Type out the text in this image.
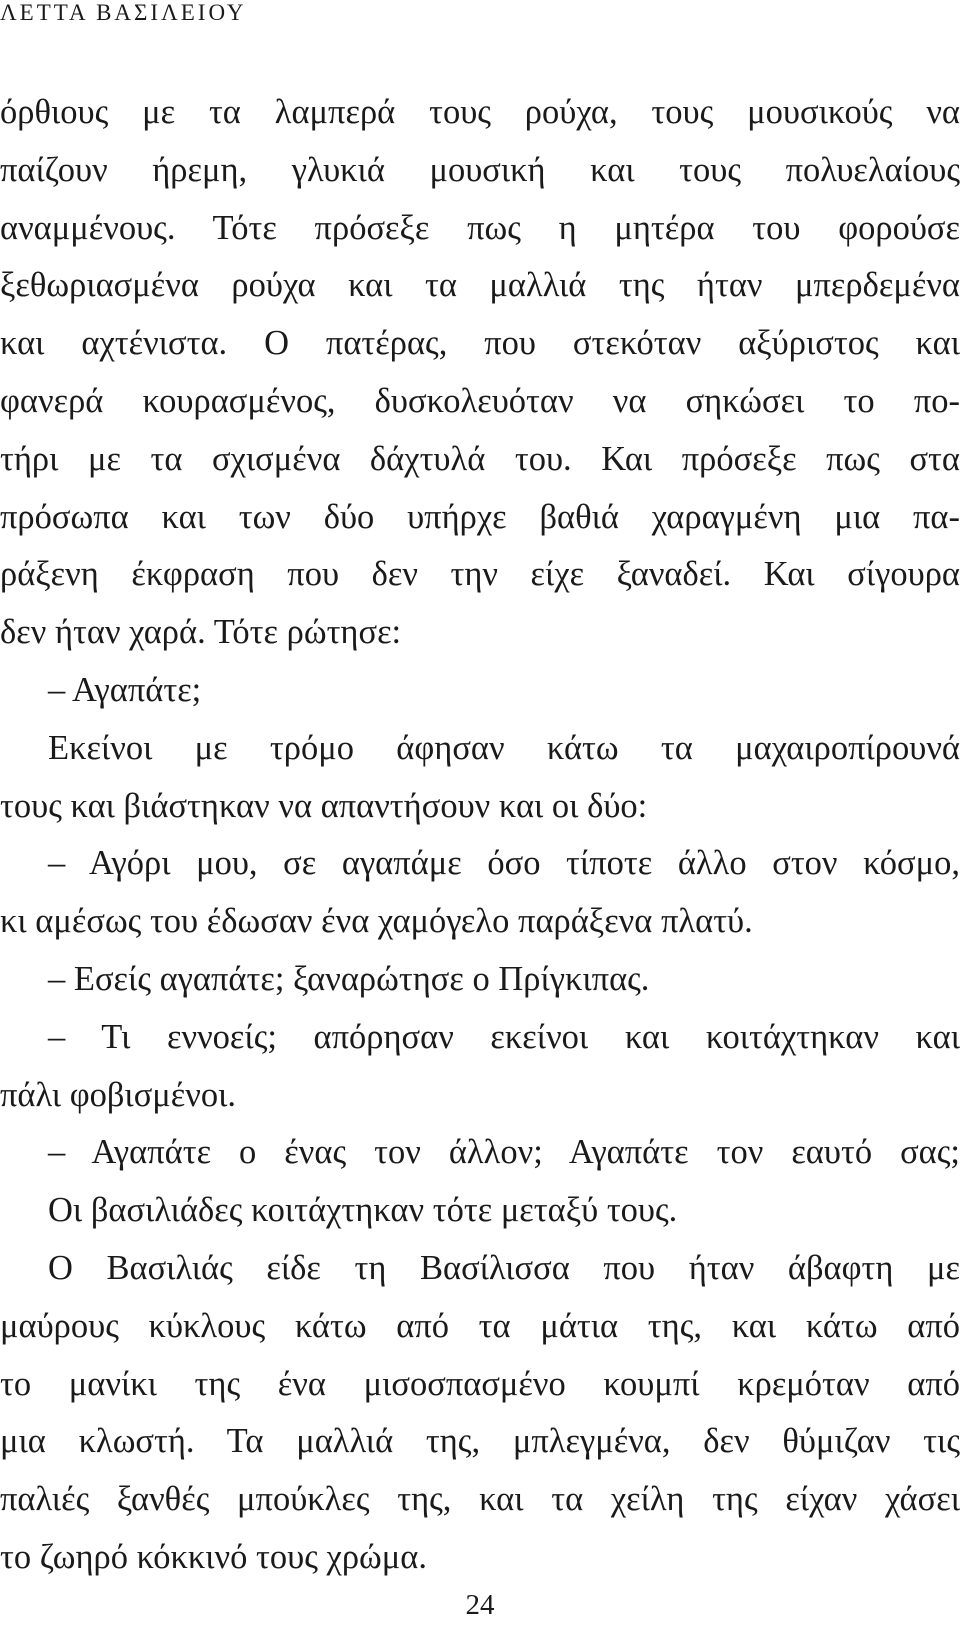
ΛΕΤΤΑ ΒΑΣΙΛΕΙΟΥ
όρθιους με τα λαμπερά τους ρούχα, τους μουσικούς να
παίζουν ήρεμη, γλυκιά μουσική και τους πολυελαίους
αναμμένους. Τότε πρόσεξε πως η μητέρα του φορούσε
ξεθωριασμένα ρούχα και τα μαλλιά της ήταν μπερδεμένα
και αχτένιστα. Ο πατέρας, που στεκόταν αξύριστος και
φανερά κουρασμένος, δυσκολευόταν να σηκώσει το πο-
τήρι με τα σχισμένα δάχτυλά του. Και πρόσεξε πως στα
πρόσωπα και των δύο υπήρχε βαθιά χαραγμένη μια πα-
ράξενη έκφραση που δεν την είχε ξαναδεί. Και σίγουρα
δεν ήταν χαρά. Τότε ρώτησε:
– Αγαπάτε;
Εκείνοι με τρόμο άφησαν κάτω τα μαχαιροπίρουνά
τους και βιάστηκαν να απαντήσουν και οι δύο:
– Αγόρι μου, σε αγαπάμε όσο τίποτε άλλο στον κόσμο,
κι αμέσως του έδωσαν ένα χαμόγελο παράξενα πλατύ.
– Εσείς αγαπάτε; ξαναρώτησε ο Πρίγκιπας.
– Τι εννοείς; απόρησαν εκείνοι και κοιτάχτηκαν και
πάλι φοβισμένοι.
– Αγαπάτε ο ένας τον άλλον; Αγαπάτε τον εαυτό σας;
Οι βασιλιάδες κοιτάχτηκαν τότε μεταξύ τους.
Ο Βασιλιάς είδε τη Βασίλισσα που ήταν άβαφτη με
μαύρους κύκλους κάτω από τα μάτια της, και κάτω από
το μανίκι της ένα μισοσπασμένο κουμπί κρεμόταν από
μια κλωστή. Τα μαλλιά της, μπλεγμένα, δεν θύμιζαν τις
παλιές ξανθές μπούκλες της, και τα χείλη της είχαν χάσει
το ζωηρό κόκκινό τους χρώμα.
24
